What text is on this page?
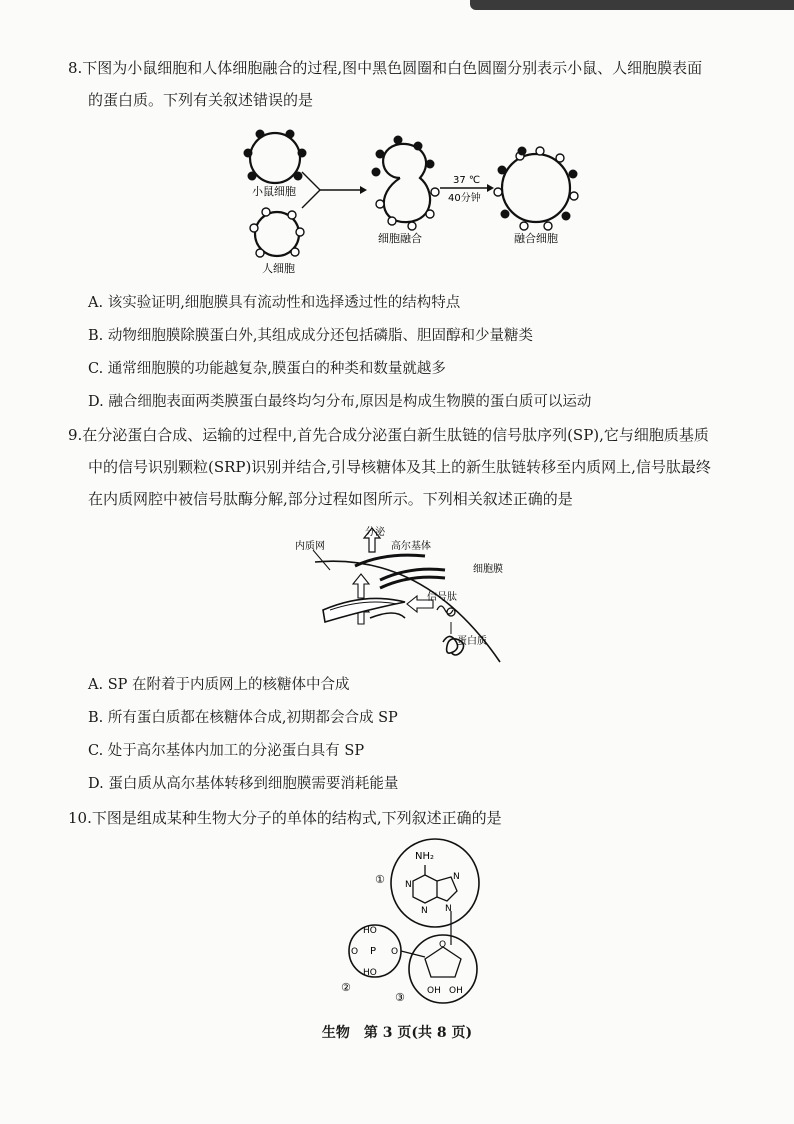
8.下图为小鼠细胞和人体细胞融合的过程,图中黑色圆圈和白色圆圈分别表示小鼠、人细胞膜表面
的蛋白质。下列有关叙述错误的是
小鼠细胞
人细胞
细胞融合
37 ℃
40分钟
融合细胞
A. 该实验证明,细胞膜具有流动性和选择透过性的结构特点
B. 动物细胞膜除膜蛋白外,其组成成分还包括磷脂、胆固醇和少量糖类
C. 通常细胞膜的功能越复杂,膜蛋白的种类和数量就越多
D. 融合细胞表面两类膜蛋白最终均匀分布,原因是构成生物膜的蛋白质可以运动
9.在分泌蛋白合成、运输的过程中,首先合成分泌蛋白新生肽链的信号肽序列(SP),它与细胞质基质
中的信号识别颗粒(SRP)识别并结合,引导核糖体及其上的新生肽链转移至内质网上,信号肽最终
在内质网腔中被信号肽酶分解,部分过程如图所示。下列相关叙述正确的是
分泌
内质网	高尔基体
细胞膜
信号肽
蛋白质
A. SP 在附着于内质网上的核糖体中合成
B. 所有蛋白质都在核糖体合成,初期都会合成 SP
C. 处于高尔基体内加工的分泌蛋白具有 SP
D. 蛋白质从高尔基体转移到细胞膜需要消耗能量
10.下图是组成某种生物大分子的单体的结构式,下列叙述正确的是
NH₂
N
N
N
N
①
HO
O P O
HO
②
O
OH OH
③
生物　第 3 页(共 8 页)
